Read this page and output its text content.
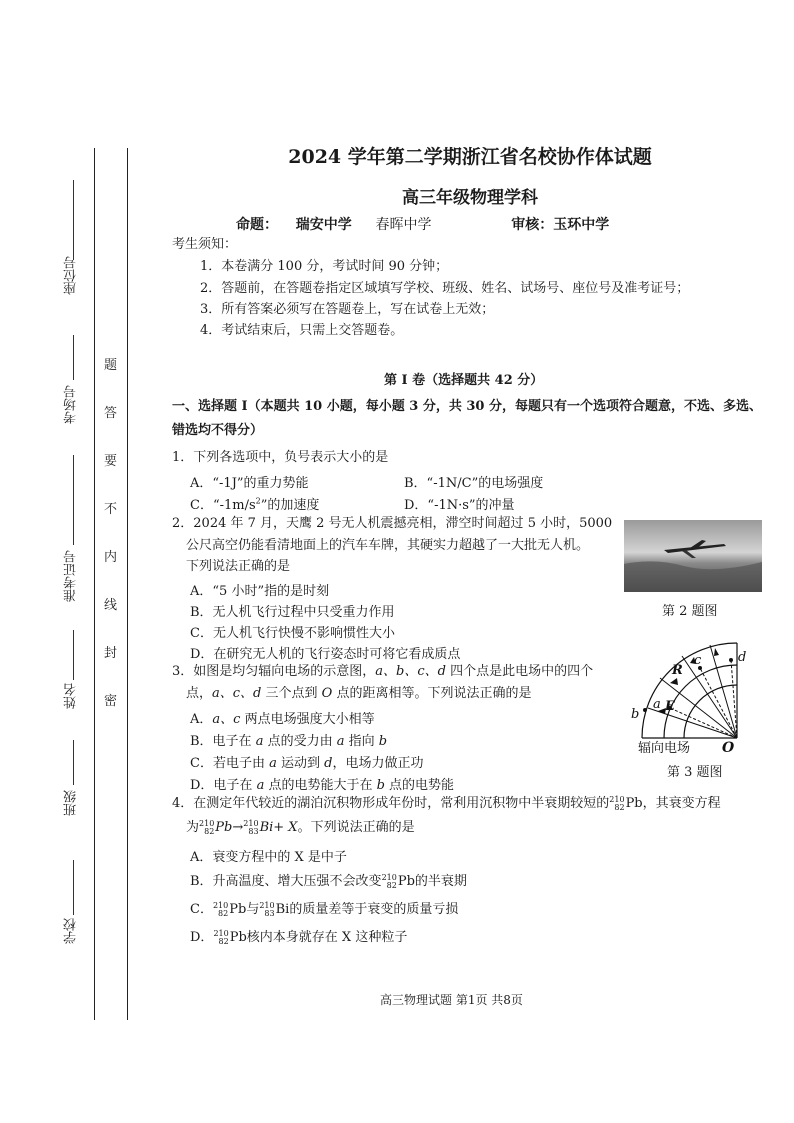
座位号
考场号
准考证号
姓名
班级
学校
密
封
线
内
不
要
答
题
2024 学年第二学期浙江省名校协作体试题
高三年级物理学科
命题： 瑞安中学 春晖中学	审核：玉环中学
考生须知：
1．本卷满分 100 分，考试时间 90 分钟；
2．答题前，在答题卷指定区域填写学校、班级、姓名、试场号、座位号及准考证号；
3．所有答案必须写在答题卷上，写在试卷上无效；
4．考试结束后，只需上交答题卷。
第 I 卷（选择题共 42 分）
一、选择题 I（本题共 10 小题，每小题 3 分，共 30 分，每题只有一个选项符合题意，不选、多选、
错选均不得分）
1．下列各选项中，负号表示大小的是
A．“-1J”的重力势能	B．“-1N/C”的电场强度
C．“$-1m/s^2$”的加速度	D．“-1N·s”的冲量
2．2024 年 7 月，天鹰 2 号无人机震撼亮相，滞空时间超过 5 小时，5000
公尺高空仍能看清地面上的汽车车牌，其硬实力超越了一大批无人机。
下列说法正确的是
A．“5 小时”指的是时刻
B．无人机飞行过程中只受重力作用
C．无人机飞行快慢不影响惯性大小
D．在研究无人机的飞行姿态时可将它看成质点
第 2 题图
3．如图是均匀辐向电场的示意图，a、b、c、d 四个点是此电场中的四个
点，a、c、d 三个点到 O 点的距离相等。下列说法正确的是
A．a、c 两点电场强度大小相等
B．电子在 a 点的受力由 a 指向 b
C．若电子由 a 运动到 d，电场力做正功
D．电子在 a 点的电势能大于在 b 点的电势能
a
b
c	d
R
E
O
辐向电场
第 3 题图
4．在测定年代较近的湖泊沉积物形成年份时，常利用沉积物中半衰期较短的 210
82 Pb，其衰变方程
为 210
82 Pb→ 210
83 Bi+ X。下列说法正确的是
A．衰变方程中的 X 是中子
B．升高温度、增大压强不会改变 210
82 Pb的半衰期
C． 210
82 Pb与 210
83 Bi的质量差等于衰变的质量亏损
D． 210
82 Pb核内本身就存在 X 这种粒子
高三物理试题 第1页 共8页
